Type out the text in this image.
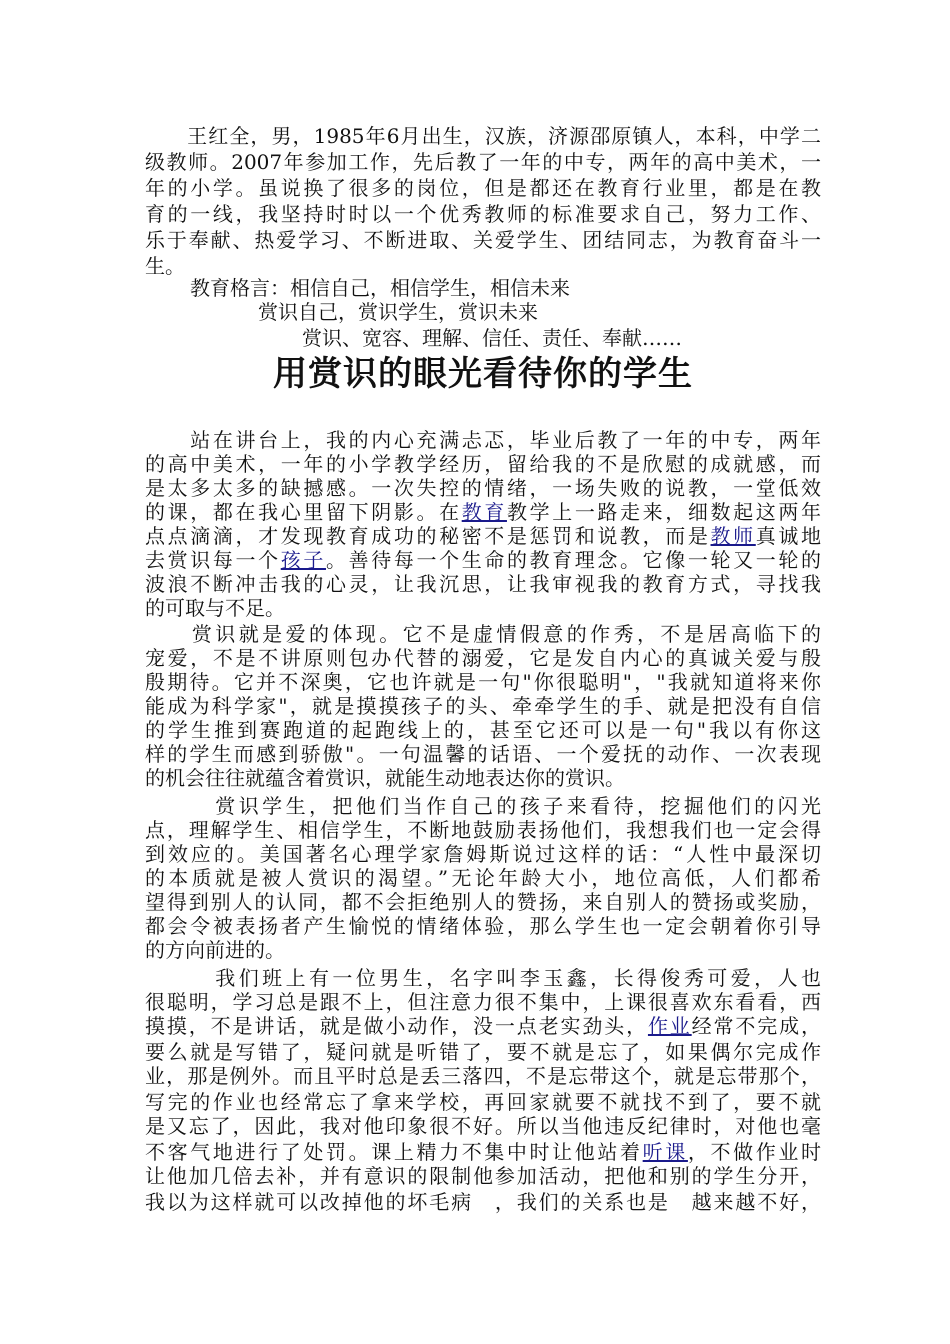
　　王红全，男，1985年6月出生，汉族，济源邵原镇人，本科，中学二
级教师。2007年参加工作，先后教了一年的中专，两年的高中美术，一
年的小学。虽说换了很多的岗位，但是都还在教育行业里，都是在教
育的一线，我坚持时时以一个优秀教师的标准要求自己，努力工作、
乐于奉献、热爱学习、不断进取、关爱学生、团结同志，为教育奋斗一
生。
教育格言：相信自己，相信学生，相信未来
赏识自己，赏识学生，赏识未来
赏识、宽容、理解、信任、责任、奉献……
用赏识的眼光看待你的学生
　　站在讲台上，我的内心充满忐忑，毕业后教了一年的中专，两年
的高中美术，一年的小学教学经历，留给我的不是欣慰的成就感，而
是太多太多的缺撼感。一次失控的情绪，一场失败的说教，一堂低效
的课，都在我心里留下阴影。在教育教学上一路走来，细数起这两年
点点滴滴，才发现教育成功的秘密不是惩罚和说教，而是教师真诚地
去赏识每一个孩子。善待每一个生命的教育理念。它像一轮又一轮的
波浪不断冲击我的心灵，让我沉思，让我审视我的教育方式，寻找我
的可取与不足。
　　赏识就是爱的体现。它不是虚情假意的作秀，不是居高临下的
宠爱，不是不讲原则包办代替的溺爱，它是发自内心的真诚关爱与殷
殷期待。它并不深奥，它也许就是一句"你很聪明"，"我就知道将来你
能成为科学家"，就是摸摸孩子的头、牵牵学生的手、就是把没有自信
的学生推到赛跑道的起跑线上的，甚至它还可以是一句"我以有你这
样的学生而感到骄傲"。一句温馨的话语、一个爱抚的动作、一次表现
的机会往往就蕴含着赏识，就能生动地表达你的赏识。
　　　赏识学生，把他们当作自己的孩子来看待，挖掘他们的闪光
点，理解学生、相信学生，不断地鼓励表扬他们，我想我们也一定会得
到效应的。美国著名心理学家詹姆斯说过这样的话：“人性中最深切
的本质就是被人赏识的渴望。”无论年龄大小，地位高低，人们都希
望得到别人的认同，都不会拒绝别人的赞扬，来自别人的赞扬或奖励，
都会令被表扬者产生愉悦的情绪体验，那么学生也一定会朝着你引导
的方向前进的。
　　　我们班上有一位男生，名字叫李玉鑫，长得俊秀可爱，人也
很聪明，学习总是跟不上，但注意力很不集中，上课很喜欢东看看，西
摸摸，不是讲话，就是做小动作，没一点老实劲头，作业经常不完成，
要么就是写错了，疑问就是听错了，要不就是忘了，如果偶尔完成作
业，那是例外。而且平时总是丢三落四，不是忘带这个，就是忘带那个，
写完的作业也经常忘了拿来学校，再回家就要不就找不到了，要不就
是又忘了，因此，我对他印象很不好。所以当他违反纪律时，对他也毫
不客气地进行了处罚。课上精力不集中时让他站着听课，不做作业时
让他加几倍去补，并有意识的限制他参加活动，把他和别的学生分开，
我以为这样就可以改掉他的坏毛病　，我们的关系也是　越来越不好，
